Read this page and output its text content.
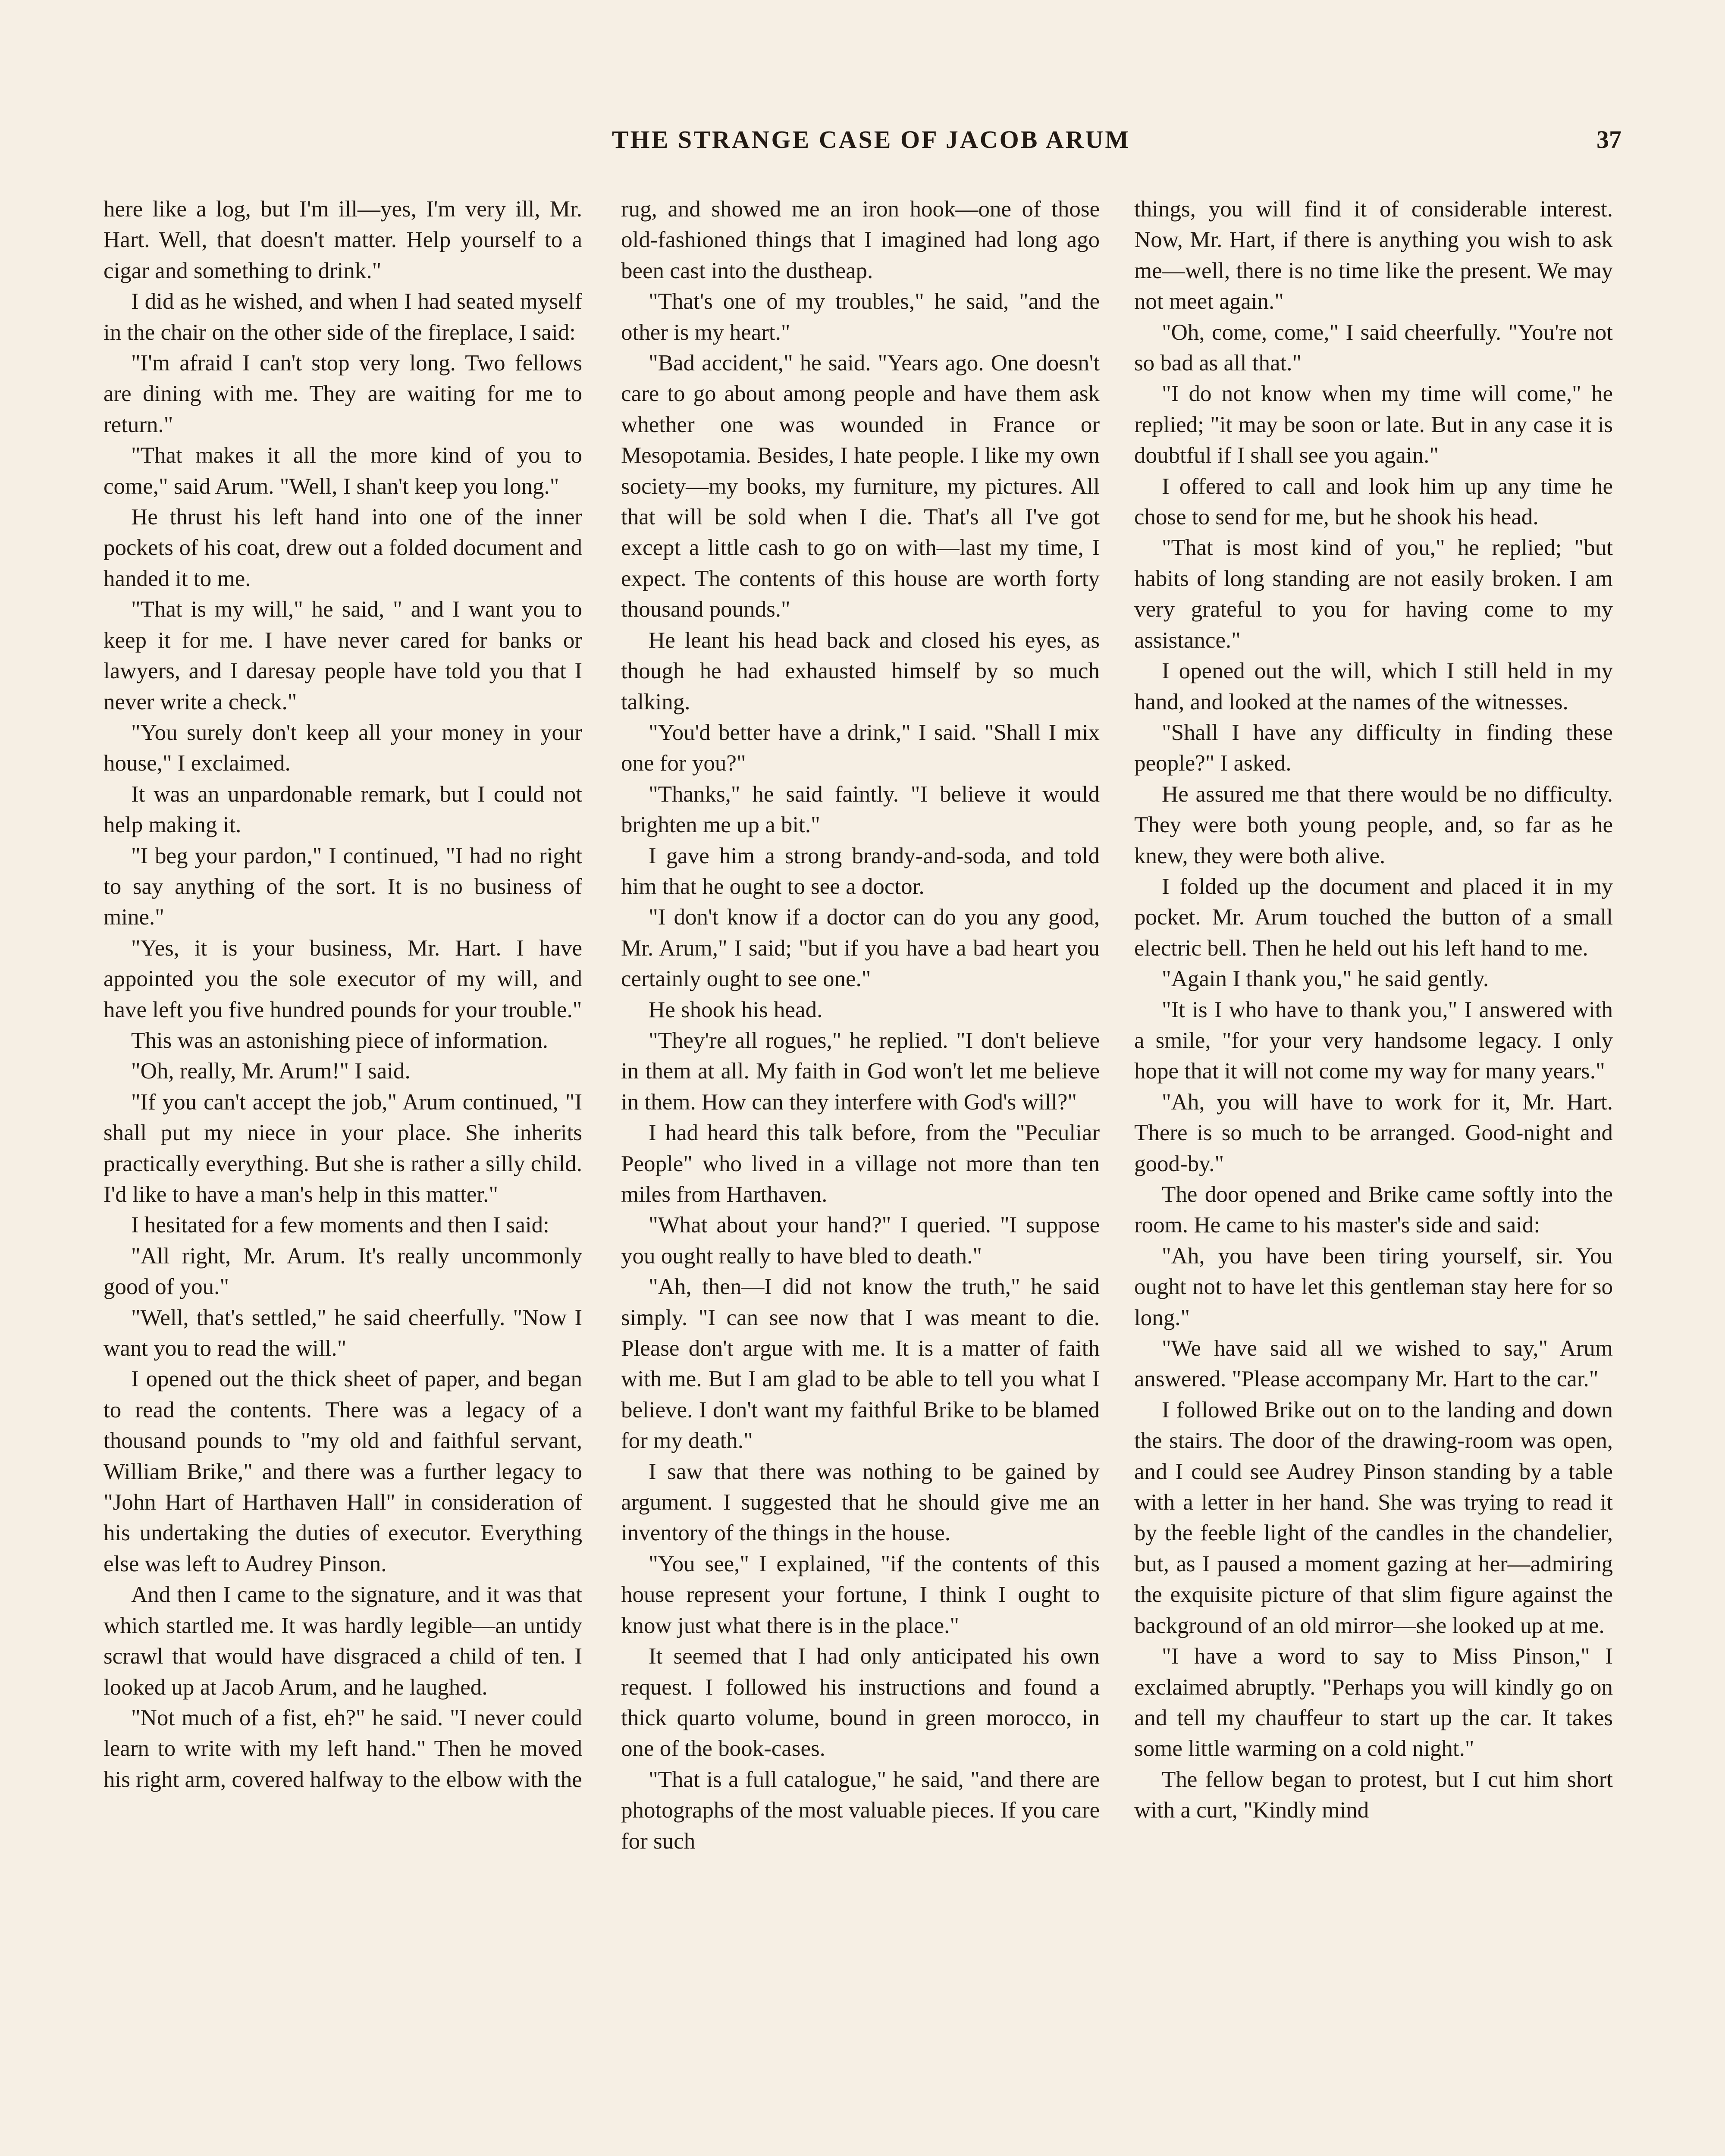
THE STRANGE CASE OF JACOB ARUM	37

here like a log, but I'm ill—yes, I'm very ill, Mr. Hart. Well, that doesn't matter. Help yourself to a cigar and something to drink."

I did as he wished, and when I had seated myself in the chair on the other side of the fireplace, I said:

"I'm afraid I can't stop very long. Two fellows are dining with me. They are waiting for me to return."

"That makes it all the more kind of you to come," said Arum. "Well, I shan't keep you long."

He thrust his left hand into one of the inner pockets of his coat, drew out a folded document and handed it to me.

"That is my will," he said, " and I want you to keep it for me. I have never cared for banks or lawyers, and I daresay people have told you that I never write a check."

"You surely don't keep all your money in your house," I exclaimed.

It was an unpardonable remark, but I could not help making it.

"I beg your pardon," I continued, "I had no right to say anything of the sort. It is no business of mine."

"Yes, it is your business, Mr. Hart. I have appointed you the sole executor of my will, and have left you five hundred pounds for your trouble."

This was an astonishing piece of information.

"Oh, really, Mr. Arum!" I said.

"If you can't accept the job," Arum continued, "I shall put my niece in your place. She inherits practically everything. But she is rather a silly child. I'd like to have a man's help in this matter."

I hesitated for a few moments and then I said:

"All right, Mr. Arum. It's really uncommonly good of you."

"Well, that's settled," he said cheerfully. "Now I want you to read the will."

I opened out the thick sheet of paper, and began to read the contents. There was a legacy of a thousand pounds to "my old and faithful servant, William Brike," and there was a further legacy to "John Hart of Harthaven Hall" in consideration of his undertaking the duties of executor. Everything else was left to Audrey Pinson.

And then I came to the signature, and it was that which startled me. It was hardly legible—an untidy scrawl that would have disgraced a child of ten. I looked up at Jacob Arum, and he laughed.

"Not much of a fist, eh?" he said. "I never could learn to write with my left hand." Then he moved his right arm, covered halfway to the elbow with the

rug, and showed me an iron hook—one of those old-fashioned things that I imagined had long ago been cast into the dustheap.

"That's one of my troubles," he said, "and the other is my heart."

"Bad accident," he said. "Years ago. One doesn't care to go about among people and have them ask whether one was wounded in France or Mesopotamia. Besides, I hate people. I like my own society—my books, my furniture, my pictures. All that will be sold when I die. That's all I've got except a little cash to go on with—last my time, I expect. The contents of this house are worth forty thousand pounds."

He leant his head back and closed his eyes, as though he had exhausted himself by so much talking.

"You'd better have a drink," I said. "Shall I mix one for you?"

"Thanks," he said faintly. "I believe it would brighten me up a bit."

I gave him a strong brandy-and-soda, and told him that he ought to see a doctor.

"I don't know if a doctor can do you any good, Mr. Arum," I said; "but if you have a bad heart you certainly ought to see one."

He shook his head.

"They're all rogues," he replied. "I don't believe in them at all. My faith in God won't let me believe in them. How can they interfere with God's will?"

I had heard this talk before, from the "Peculiar People" who lived in a village not more than ten miles from Harthaven.

"What about your hand?" I queried. "I suppose you ought really to have bled to death."

"Ah, then—I did not know the truth," he said simply. "I can see now that I was meant to die. Please don't argue with me. It is a matter of faith with me. But I am glad to be able to tell you what I believe. I don't want my faithful Brike to be blamed for my death."

I saw that there was nothing to be gained by argument. I suggested that he should give me an inventory of the things in the house.

"You see," I explained, "if the contents of this house represent your fortune, I think I ought to know just what there is in the place."

It seemed that I had only anticipated his own request. I followed his instructions and found a thick quarto volume, bound in green morocco, in one of the book-cases.

"That is a full catalogue," he said, "and there are photographs of the most valuable pieces. If you care for such

things, you will find it of considerable interest. Now, Mr. Hart, if there is anything you wish to ask me—well, there is no time like the present. We may not meet again."

"Oh, come, come," I said cheerfully. "You're not so bad as all that."

"I do not know when my time will come," he replied; "it may be soon or late. But in any case it is doubtful if I shall see you again."

I offered to call and look him up any time he chose to send for me, but he shook his head.

"That is most kind of you," he replied; "but habits of long standing are not easily broken. I am very grateful to you for having come to my assistance."

I opened out the will, which I still held in my hand, and looked at the names of the witnesses.

"Shall I have any difficulty in finding these people?" I asked.

He assured me that there would be no difficulty. They were both young people, and, so far as he knew, they were both alive.

I folded up the document and placed it in my pocket. Mr. Arum touched the button of a small electric bell. Then he held out his left hand to me.

"Again I thank you," he said gently.

"It is I who have to thank you," I answered with a smile, "for your very handsome legacy. I only hope that it will not come my way for many years."

"Ah, you will have to work for it, Mr. Hart. There is so much to be arranged. Good-night and good-by."

The door opened and Brike came softly into the room. He came to his master's side and said:

"Ah, you have been tiring yourself, sir. You ought not to have let this gentleman stay here for so long."

"We have said all we wished to say," Arum answered. "Please accompany Mr. Hart to the car."

I followed Brike out on to the landing and down the stairs. The door of the drawing-room was open, and I could see Audrey Pinson standing by a table with a letter in her hand. She was trying to read it by the feeble light of the candles in the chandelier, but, as I paused a moment gazing at her—admiring the exquisite picture of that slim figure against the background of an old mirror—she looked up at me.

"I have a word to say to Miss Pinson," I exclaimed abruptly. "Perhaps you will kindly go on and tell my chauffeur to start up the car. It takes some little warming on a cold night."

The fellow began to protest, but I cut him short with a curt, "Kindly mind
